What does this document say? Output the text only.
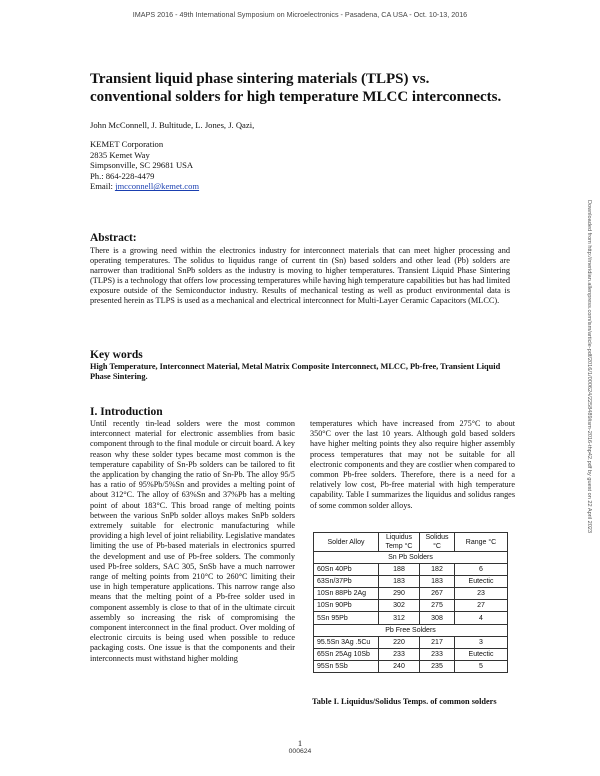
IMAPS 2016 - 49th International Symposium on Microelectronics - Pasadena, CA USA - Oct. 10-13, 2016
Transient liquid phase sintering materials (TLPS) vs. conventional solders for high temperature MLCC interconnects.
John McConnell, J. Bultitude, L. Jones, J. Qazi,
KEMET Corporation
2835 Kemet Way
Simpsonville, SC 29681 USA
Ph.: 864-228-4479
Email: jmcconnell@kemet.com
Downloaded from http://meridian.allenpress.com/ism/article-pdf/2016/1/000624/2258489/ism-2016-thp42.pdf by guest on 22 April 2023
Abstract:
There is a growing need within the electronics industry for interconnect materials that can meet higher processing and operating temperatures. The solidus to liquidus range of current tin (Sn) based solders and other lead (Pb) solders are narrower than traditional SnPb solders as the industry is moving to higher temperatures. Transient Liquid Phase Sintering (TLPS) is a technology that offers low processing temperatures while having high temperature capabilities but has had limited exposure outside of the Semiconductor industry. Results of mechanical testing as well as product environmental data is presented herein as TLPS is used as a mechanical and electrical interconnect for Multi-Layer Ceramic Capacitors (MLCC).
Key words
High Temperature, Interconnect Material, Metal Matrix Composite Interconnect, MLCC, Pb-free, Transient Liquid Phase Sintering.
I. Introduction
Until recently tin-lead solders were the most common interconnect material for electronic assemblies from basic component through to the final module or circuit board. A key reason why these solder types became most common is the temperature capability of Sn-Pb solders can be tailored to fit the application by changing the ratio of Sn-Pb. The alloy 95/5 has a ratio of 95%Pb/5%Sn and provides a melting point of about 312°C. The alloy of 63%Sn and 37%Pb has a melting point of about 183°C. This broad range of melting points between the various SnPb solder alloys makes SnPb solders extremely suitable for electronic manufacturing while providing a high level of joint reliability. Legislative mandates limiting the use of Pb-based materials in electronics spurred the development and use of Pb-free solders. The commonly used Pb-free solders, SAC 305, SnSb have a much narrower range of melting points from 210°C to 260°C limiting their use in high temperature applications. This narrow range also means that the melting point of a Pb-free solder used in component assembly is close to that of in the ultimate circuit assembly so increasing the risk of compromising the component interconnect in the final product. Over molding of electronic circuits is being used when possible to reduce packaging costs. One issue is that the components and their interconnects must withstand higher molding
temperatures which have increased from 275°C to about 350°C over the last 10 years. Although gold based solders have higher melting points they also require higher assembly process temperatures that may not be suitable for all electronic components and they are costlier when compared to common Pb-free solders. Therefore, there is a need for a relatively low cost, Pb-free material with high temperature capability. Table I summarizes the liquidus and solidus ranges of some common solder alloys.
Solder Alloy	Liquidus Temp °C	Solidus °C	Range °C
Sn Pb Solders			
60Sn 40Pb	188	182	6
63Sn/37Pb	183	183	Eutectic
10Sn 88Pb 2Ag	290	267	23
10Sn 90Pb	302	275	27
5Sn 95Pb	312	308	4
Pb Free Solders			
95.5Sn 3Ag .5Cu	220	217	3
65Sn 25Ag 10Sb	233	233	Eutectic
95Sn 5Sb	240	235	5
Table I. Liquidus/Solidus Temps. of common solders
1
000624
